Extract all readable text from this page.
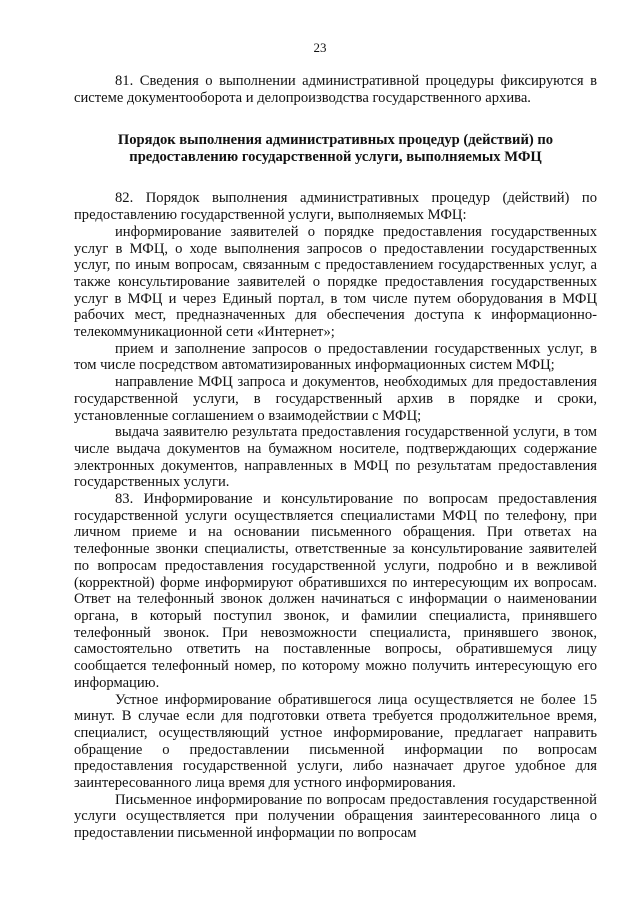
23

81. Сведения о выполнении административной процедуры фиксируются в системе документооборота и делопроизводства государственного архива.

Порядок выполнения административных процедур (действий) по
предоставлению государственной услуги, выполняемых МФЦ

82. Порядок выполнения административных процедур (действий) по предоставлению государственной услуги, выполняемых МФЦ:

информирование заявителей о порядке предоставления государственных услуг в МФЦ, о ходе выполнения запросов о предоставлении государственных услуг, по иным вопросам, связанным с предоставлением государственных услуг, а также консультирование заявителей о порядке предоставления государственных услуг в МФЦ и через Единый портал, в том числе путем оборудования в МФЦ рабочих мест, предназначенных для обеспечения доступа к информационно-телекоммуникационной сети «Интернет»;

прием и заполнение запросов о предоставлении государственных услуг, в том числе посредством автоматизированных информационных систем МФЦ;

направление МФЦ запроса и документов, необходимых для предоставления государственной услуги, в государственный архив в порядке и сроки, установленные соглашением о взаимодействии с МФЦ;

выдача заявителю результата предоставления государственной услуги, в том числе выдача документов на бумажном носителе, подтверждающих содержание электронных документов, направленных в МФЦ по результатам предоставления государственных услуги.

83. Информирование и консультирование по вопросам предоставления государственной услуги осуществляется специалистами МФЦ по телефону, при личном приеме и на основании письменного обращения. При ответах на телефонные звонки специалисты, ответственные за консультирование заявителей по вопросам предоставления государственной услуги, подробно и в вежливой (корректной) форме информируют обратившихся по интересующим их вопросам. Ответ на телефонный звонок должен начинаться с информации о наименовании органа, в который поступил звонок, и фамилии специалиста, принявшего телефонный звонок. При невозможности специалиста, принявшего звонок, самостоятельно ответить на поставленные вопросы, обратившемуся лицу сообщается телефонный номер, по которому можно получить интересующую его информацию.

Устное информирование обратившегося лица осуществляется не более 15 минут. В случае если для подготовки ответа требуется продолжительное время, специалист, осуществляющий устное информирование, предлагает направить обращение о предоставлении письменной информации по вопросам предоставления государственной услуги, либо назначает другое удобное для заинтересованного лица время для устного информирования.

Письменное информирование по вопросам предоставления государственной услуги осуществляется при получении обращения заинтересованного лица о предоставлении письменной информации по вопросам
